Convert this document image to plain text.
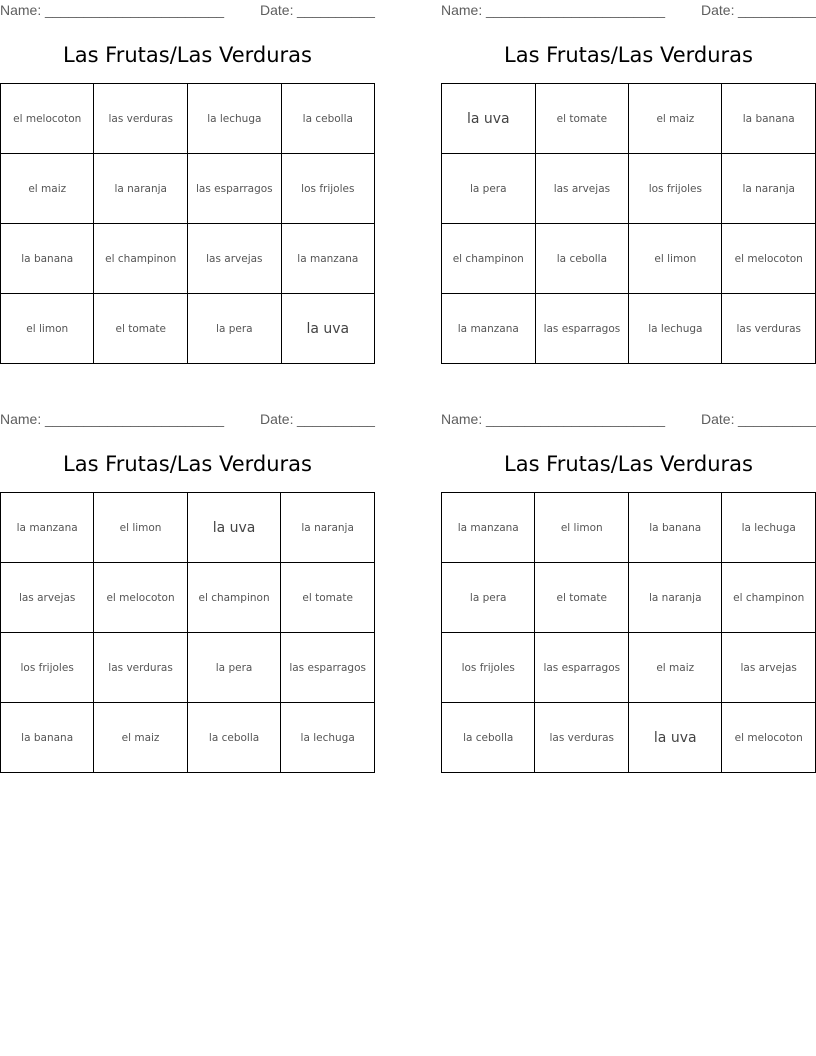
Name: _______________________	Date: __________
Las Frutas/Las Verduras
el melocoton	las verduras	la lechuga	la cebolla
el maiz	la naranja	las esparragos	los frijoles
la banana	el champinon	las arvejas	la manzana
el limon	el tomate	la pera	la uva
Name: _______________________	Date: __________
Las Frutas/Las Verduras
la uva	el tomate	el maiz	la banana
la pera	las arvejas	los frijoles	la naranja
el champinon	la cebolla	el limon	el melocoton
la manzana	las esparragos	la lechuga	las verduras
Name: _______________________	Date: __________
Las Frutas/Las Verduras
la manzana	el limon	la uva	la naranja
las arvejas	el melocoton	el champinon	el tomate
los frijoles	las verduras	la pera	las esparragos
la banana	el maiz	la cebolla	la lechuga
Name: _______________________	Date: __________
Las Frutas/Las Verduras
la manzana	el limon	la banana	la lechuga
la pera	el tomate	la naranja	el champinon
los frijoles	las esparragos	el maiz	las arvejas
la cebolla	las verduras	la uva	el melocoton
